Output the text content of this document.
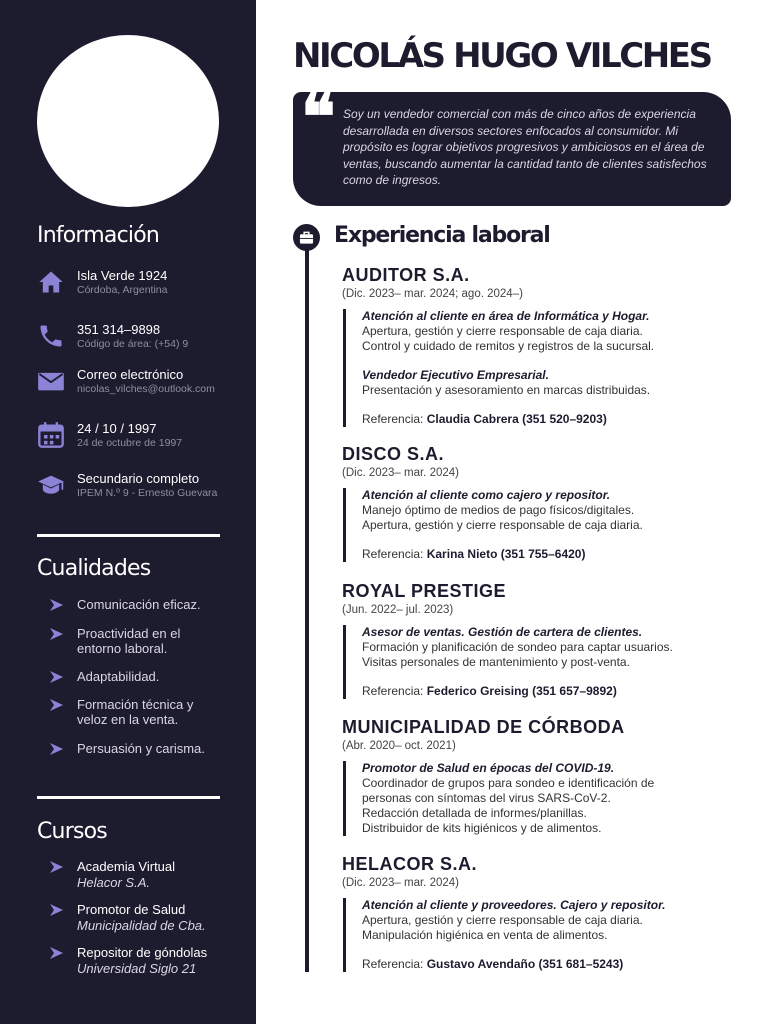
Información
Isla Verde 1924
Córdoba, Argentina
351 314–9898
Código de área: (+54) 9
Correo electrónico
nicolas_vilches@outlook.com
24 / 10 / 1997
24 de octubre de 1997
Secundario completo
IPEM N.º 9 - Ernesto Guevara
Cualidades
Comunicación eficaz.
Proactividad en el entorno laboral.
Adaptabilidad.
Formación técnica y veloz en la venta.
Persuasión y carisma.
Cursos
Academia Virtual
Helacor S.A.
Promotor de Salud
Municipalidad de Cba.
Repositor de góndolas
Universidad Siglo 21
NICOLÁS HUGO VILCHES
❝ Soy un vendedor comercial con más de cinco años de experiencia desarrollada en diversos sectores enfocados al consumidor. Mi propósito es lograr objetivos progresivos y ambiciosos en el área de ventas, buscando aumentar la cantidad tanto de clientes satisfechos como de ingresos.

Experiencia laboral
AUDITOR S.A.
(Dic. 2023– mar. 2024; ago. 2024–)
Atención al cliente en área de Informática y Hogar.
Apertura, gestión y cierre responsable de caja diaria.
Control y cuidado de remitos y registros de la sucursal.
Vendedor Ejecutivo Empresarial.
Presentación y asesoramiento en marcas distribuidas.
Referencia: Claudia Cabrera (351 520–9203)
DISCO S.A.
(Dic. 2023– mar. 2024)
Atención al cliente como cajero y repositor.
Manejo óptimo de medios de pago físicos/digitales.
Apertura, gestión y cierre responsable de caja diaria.
Referencia: Karina Nieto (351 755–6420)
ROYAL PRESTIGE
(Jun. 2022– jul. 2023)
Asesor de ventas. Gestión de cartera de clientes.
Formación y planificación de sondeo para captar usuarios.
Visitas personales de mantenimiento y post-venta.
Referencia: Federico Greising (351 657–9892)
MUNICIPALIDAD DE CÓRBODA
(Abr. 2020– oct. 2021)
Promotor de Salud en épocas del COVID-19.
Coordinador de grupos para sondeo e identificación de
personas con síntomas del virus SARS-CoV-2.
Redacción detallada de informes/planillas.
Distribuidor de kits higiénicos y de alimentos.
HELACOR S.A.
(Dic. 2023– mar. 2024)
Atención al cliente y proveedores. Cajero y repositor.
Apertura, gestión y cierre responsable de caja diaria.
Manipulación higiénica en venta de alimentos.
Referencia: Gustavo Avendaño (351 681–5243)
